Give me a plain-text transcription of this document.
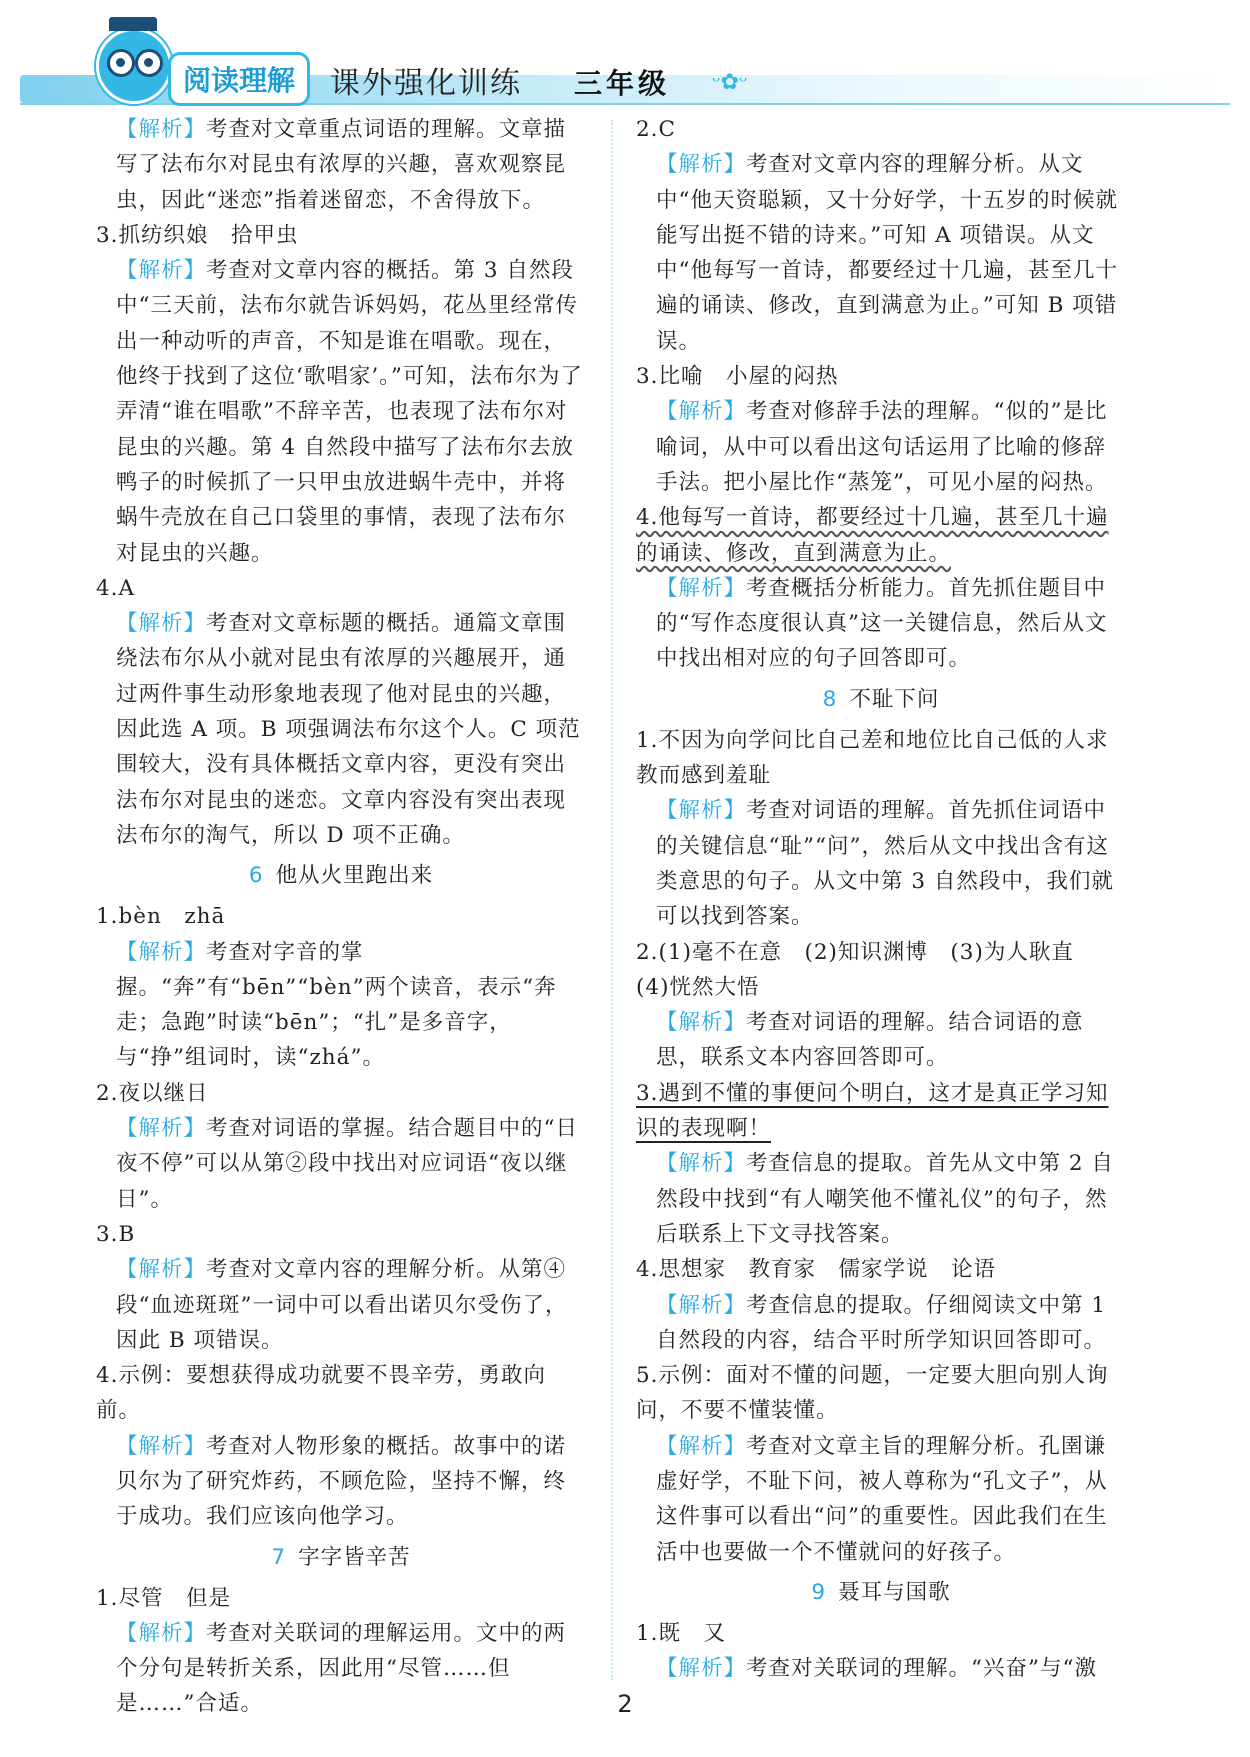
阅读理解	课外强化训练 三年级 ᵕ✿ᵕ

【解析】考查对文章重点词语的理解。文章描写了法布尔对昆虫有浓厚的兴趣，喜欢观察昆虫，因此“迷恋”指着迷留恋，不舍得放下。

3.抓纺织娘　拾甲虫

【解析】考查对文章内容的概括。第 3 自然段中“三天前，法布尔就告诉妈妈，花丛里经常传出一种动听的声音，不知是谁在唱歌。现在，他终于找到了这位‘歌唱家’。”可知，法布尔为了弄清“谁在唱歌”不辞辛苦，也表现了法布尔对昆虫的兴趣。第 4 自然段中描写了法布尔去放鸭子的时候抓了一只甲虫放进蜗牛壳中，并将蜗牛壳放在自己口袋里的事情，表现了法布尔对昆虫的兴趣。

4.A

【解析】考查对文章标题的概括。通篇文章围绕法布尔从小就对昆虫有浓厚的兴趣展开，通过两件事生动形象地表现了他对昆虫的兴趣，因此选 A 项。B 项强调法布尔这个人。C 项范围较大，没有具体概括文章内容，更没有突出法布尔对昆虫的迷恋。文章内容没有突出表现法布尔的淘气，所以 D 项不正确。

6 他从火里跑出来

1.bèn　zhā

【解析】考查对字音的掌握。“奔”有“bēn”“bèn”两个读音，表示“奔走；急跑”时读“bēn”；“扎”是多音字，与“挣”组词时，读“zhá”。

2.夜以继日

【解析】考查对词语的掌握。结合题目中的“日夜不停”可以从第②段中找出对应词语“夜以继日”。

3.B

【解析】考查对文章内容的理解分析。从第④段“血迹斑斑”一词中可以看出诺贝尔受伤了，因此 B 项错误。

4.示例：要想获得成功就要不畏辛劳，勇敢向前。

【解析】考查对人物形象的概括。故事中的诺贝尔为了研究炸药，不顾危险，坚持不懈，终于成功。我们应该向他学习。

7 字字皆辛苦

1.尽管　但是

【解析】考查对关联词的理解运用。文中的两个分句是转折关系，因此用“尽管……但是……”合适。

2.C

【解析】考查对文章内容的理解分析。从文中“他天资聪颖，又十分好学，十五岁的时候就能写出挺不错的诗来。”可知 A 项错误。从文中“他每写一首诗，都要经过十几遍，甚至几十遍的诵读、修改，直到满意为止。”可知 B 项错误。

3.比喻　小屋的闷热

【解析】考查对修辞手法的理解。“似的”是比喻词，从中可以看出这句话运用了比喻的修辞手法。把小屋比作“蒸笼”，可见小屋的闷热。

4.他每写一首诗，都要经过十几遍，甚至几十遍的诵读、修改，直到满意为止。

【解析】考查概括分析能力。首先抓住题目中的“写作态度很认真”这一关键信息，然后从文中找出相对应的句子回答即可。

8 不耻下问

1.不因为向学问比自己差和地位比自己低的人求教而感到羞耻

【解析】考查对词语的理解。首先抓住词语中的关键信息“耻”“问”，然后从文中找出含有这类意思的句子。从文中第 3 自然段中，我们就可以找到答案。

2.(1)毫不在意　(2)知识渊博　(3)为人耿直　(4)恍然大悟

【解析】考查对词语的理解。结合词语的意思，联系文本内容回答即可。

3.遇到不懂的事便问个明白，这才是真正学习知识的表现啊！

【解析】考查信息的提取。首先从文中第 2 自然段中找到“有人嘲笑他不懂礼仪”的句子，然后联系上下文寻找答案。

4.思想家　教育家　儒家学说　论语

【解析】考查信息的提取。仔细阅读文中第 1 自然段的内容，结合平时所学知识回答即可。

5.示例：面对不懂的问题，一定要大胆向别人询问，不要不懂装懂。

【解析】考查对文章主旨的理解分析。孔圉谦虚好学，不耻下问，被人尊称为“孔文子”，从这件事可以看出“问”的重要性。因此我们在生活中也要做一个不懂就问的好孩子。

9 聂耳与国歌

1.既　又

【解析】考查对关联词的理解。“兴奋”与“激

2
